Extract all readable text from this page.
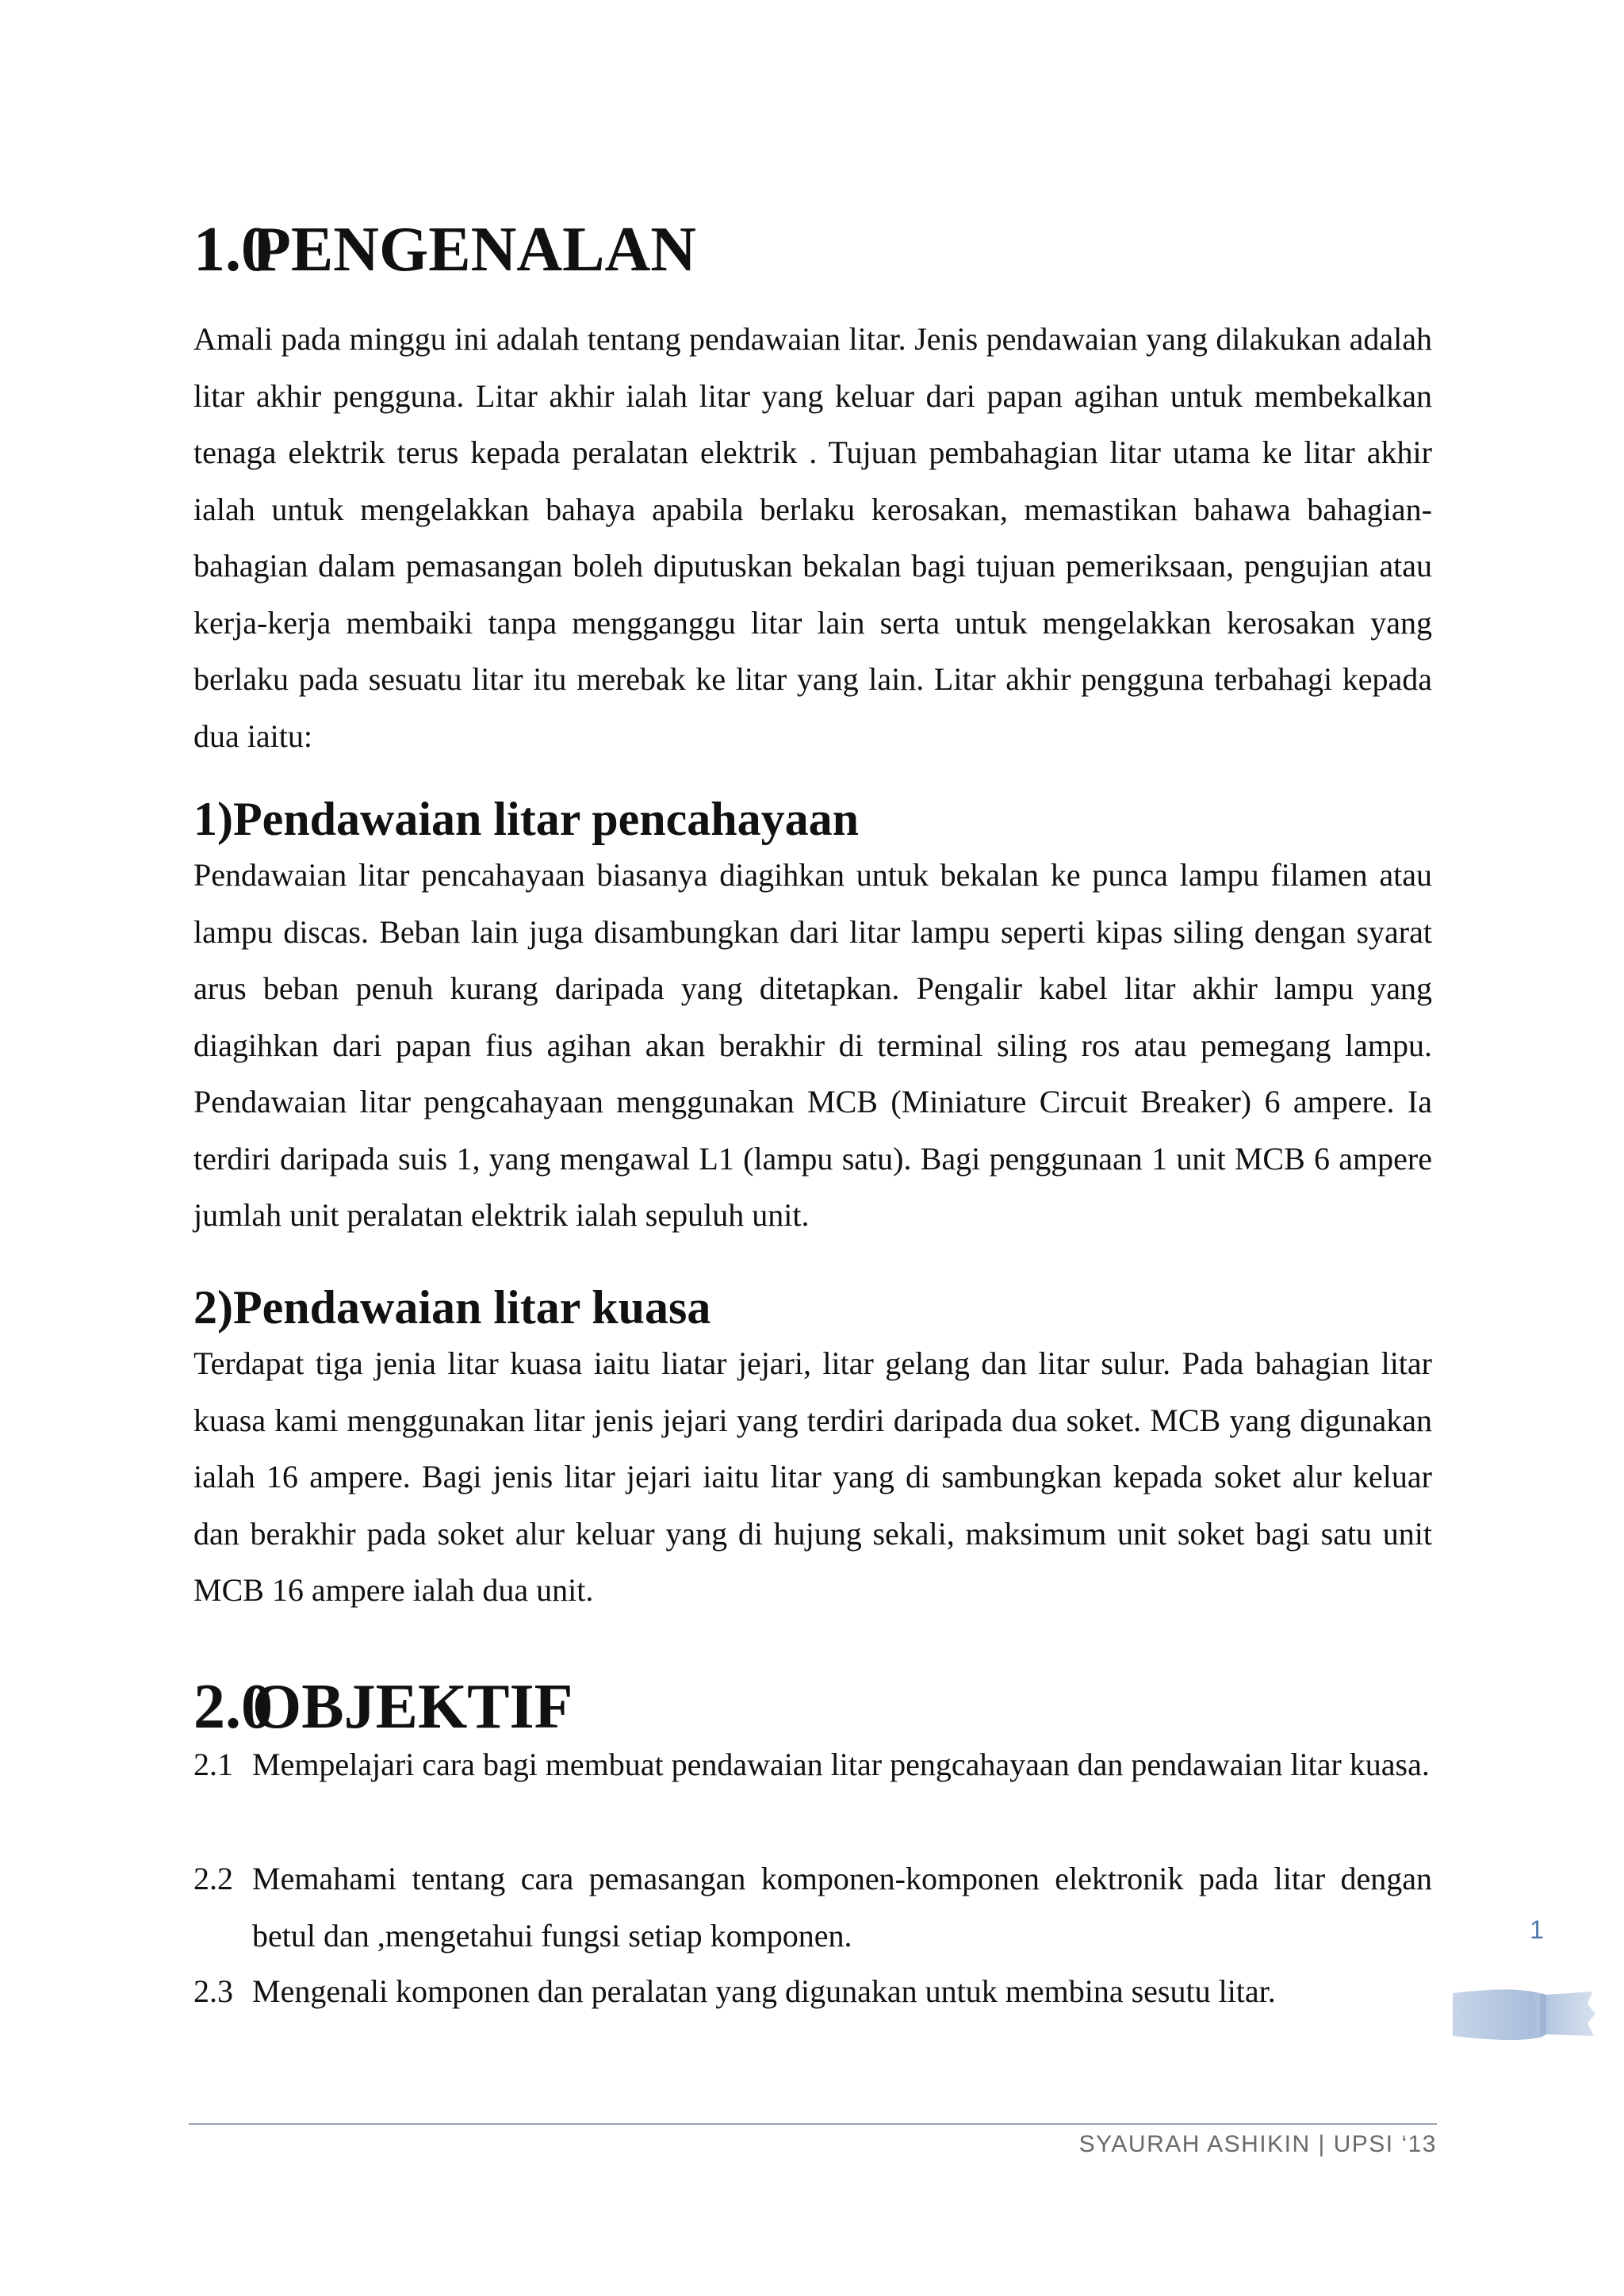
1.0PENGENALAN

Amali pada minggu ini adalah tentang pendawaian litar. Jenis pendawaian yang dilakukan adalah litar akhir pengguna. Litar akhir ialah litar yang keluar dari papan agihan untuk membekalkan tenaga elektrik terus kepada peralatan elektrik . Tujuan pembahagian litar utama ke litar akhir ialah untuk mengelakkan bahaya apabila berlaku kerosakan, memastikan bahawa bahagian-bahagian dalam pemasangan boleh diputuskan bekalan bagi tujuan pemeriksaan, pengujian atau kerja-kerja membaiki tanpa mengganggu litar lain serta untuk mengelakkan kerosakan yang berlaku pada sesuatu litar itu merebak ke litar yang lain. Litar akhir pengguna terbahagi kepada dua iaitu:

1)Pendawaian litar pencahayaan

Pendawaian litar pencahayaan biasanya diagihkan untuk bekalan ke punca lampu filamen atau lampu discas. Beban lain juga disambungkan dari litar lampu seperti kipas siling dengan syarat arus beban penuh kurang daripada yang ditetapkan. Pengalir kabel litar akhir lampu yang diagihkan dari papan fius agihan akan berakhir di terminal siling ros atau pemegang lampu. Pendawaian litar pengcahayaan menggunakan MCB (Miniature Circuit Breaker) 6 ampere. Ia terdiri daripada suis 1, yang mengawal L1 (lampu satu). Bagi penggunaan 1 unit MCB 6 ampere jumlah unit peralatan elektrik ialah sepuluh unit.

2)Pendawaian litar kuasa

Terdapat tiga jenia litar kuasa iaitu liatar jejari, litar gelang dan litar sulur. Pada bahagian litar kuasa kami menggunakan litar jenis jejari yang terdiri daripada dua soket. MCB yang digunakan ialah 16 ampere. Bagi jenis litar jejari iaitu litar yang di sambungkan kepada soket alur keluar dan berakhir pada soket alur keluar yang di hujung sekali, maksimum unit soket bagi satu unit MCB 16 ampere ialah dua unit.

2.0OBJEKTIF
2.1 Mempelajari cara bagi membuat pendawaian litar pengcahayaan dan pendawaian litar kuasa.
2.2 Memahami tentang cara pemasangan komponen-komponen elektronik pada litar dengan betul dan ,mengetahui fungsi setiap komponen.
2.3 Mengenali komponen dan peralatan yang digunakan untuk membina sesutu litar.
1
SYAURAH ASHIKIN | UPSI ‘13
